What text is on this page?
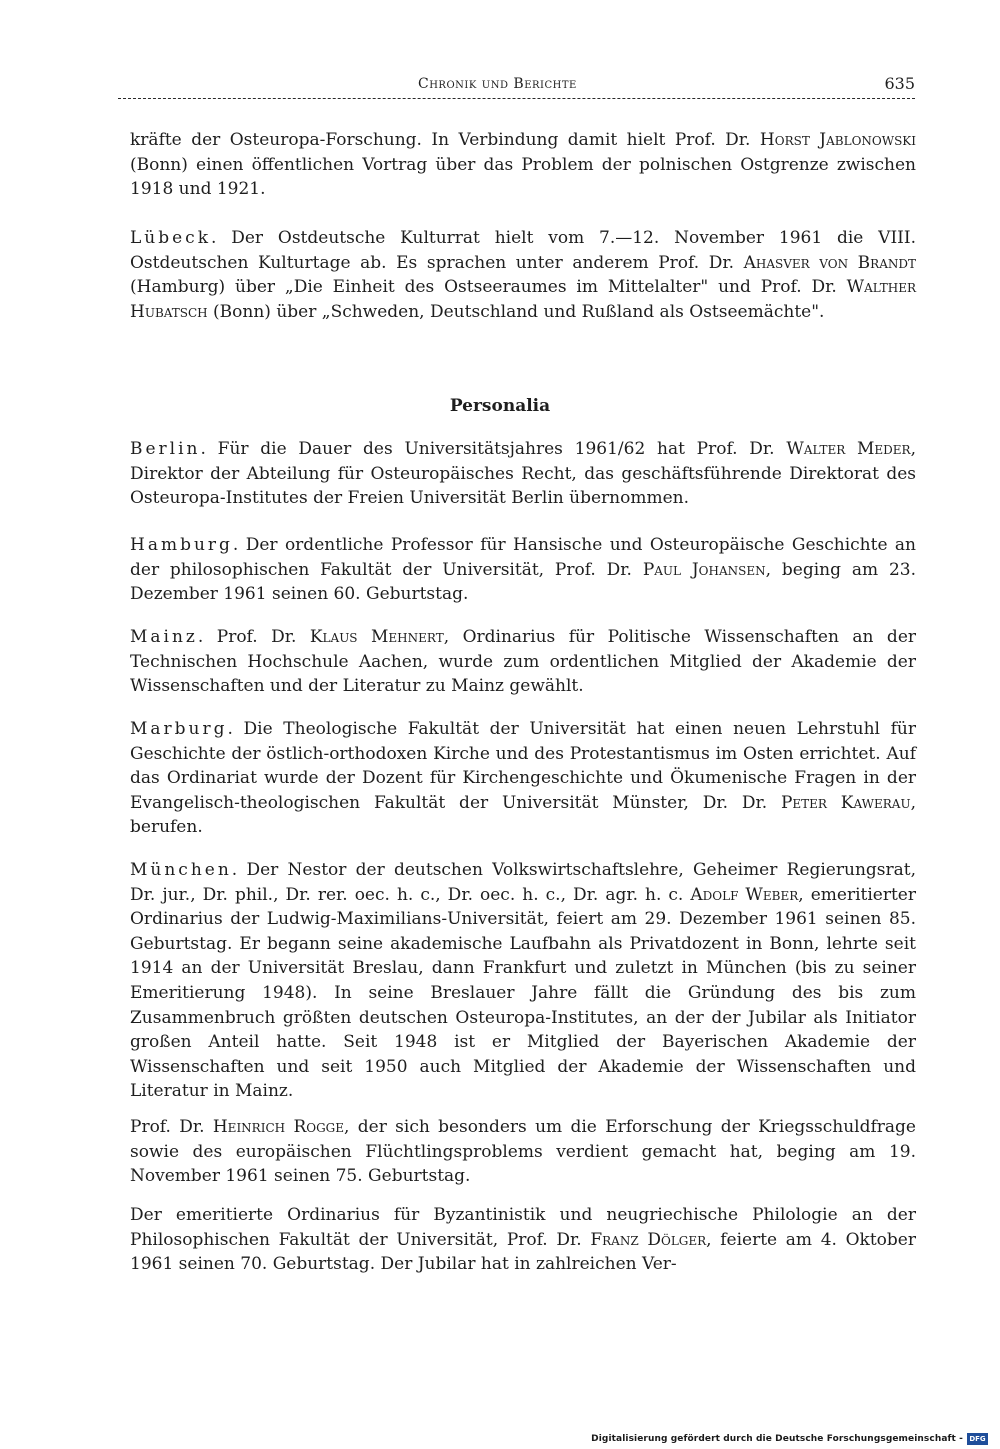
Chronik und Berichte	635

kräfte der Osteuropa-Forschung. In Verbindung damit hielt Prof. Dr. Horst Jablonowski (Bonn) einen öffentlichen Vortrag über das Problem der polnischen Ostgrenze zwischen 1918 und 1921.

Lübeck. Der Ostdeutsche Kulturrat hielt vom 7.—12. November 1961 die VIII. Ostdeutschen Kulturtage ab. Es sprachen unter anderem Prof. Dr. Ahasver von Brandt (Hamburg) über „Die Einheit des Ostseeraumes im Mittelalter" und Prof. Dr. Walther Hubatsch (Bonn) über „Schweden, Deutschland und Rußland als Ostseemächte".

Personalia

Berlin. Für die Dauer des Universitätsjahres 1961/62 hat Prof. Dr. Walter Meder, Direktor der Abteilung für Osteuropäisches Recht, das geschäftsführende Direktorat des Osteuropa-Institutes der Freien Universität Berlin übernommen.

Hamburg. Der ordentliche Professor für Hansische und Osteuropäische Geschichte an der philosophischen Fakultät der Universität, Prof. Dr. Paul Johansen, beging am 23. Dezember 1961 seinen 60. Geburtstag.

Mainz. Prof. Dr. Klaus Mehnert, Ordinarius für Politische Wissenschaften an der Technischen Hochschule Aachen, wurde zum ordentlichen Mitglied der Akademie der Wissenschaften und der Literatur zu Mainz gewählt.

Marburg. Die Theologische Fakultät der Universität hat einen neuen Lehrstuhl für Geschichte der östlich-orthodoxen Kirche und des Protestantismus im Osten errichtet. Auf das Ordinariat wurde der Dozent für Kirchengeschichte und Ökumenische Fragen in der Evangelisch-theologischen Fakultät der Universität Münster, Dr. Dr. Peter Kawerau, berufen.

München. Der Nestor der deutschen Volkswirtschaftslehre, Geheimer Regierungsrat, Dr. jur., Dr. phil., Dr. rer. oec. h. c., Dr. oec. h. c., Dr. agr. h. c. Adolf Weber, emeritierter Ordinarius der Ludwig-Maximilians-Universität, feiert am 29. Dezember 1961 seinen 85. Geburtstag. Er begann seine akademische Laufbahn als Privatdozent in Bonn, lehrte seit 1914 an der Universität Breslau, dann Frankfurt und zuletzt in München (bis zu seiner Emeritierung 1948). In seine Breslauer Jahre fällt die Gründung des bis zum Zusammenbruch größten deutschen Osteuropa-Institutes, an der der Jubilar als Initiator großen Anteil hatte. Seit 1948 ist er Mitglied der Bayerischen Akademie der Wissenschaften und seit 1950 auch Mitglied der Akademie der Wissenschaften und Literatur in Mainz.

Prof. Dr. Heinrich Rogge, der sich besonders um die Erforschung der Kriegsschuldfrage sowie des europäischen Flüchtlingsproblems verdient gemacht hat, beging am 19. November 1961 seinen 75. Geburtstag.

Der emeritierte Ordinarius für Byzantinistik und neugriechische Philologie an der Philosophischen Fakultät der Universität, Prof. Dr. Franz Dölger, feierte am 4. Oktober 1961 seinen 70. Geburtstag. Der Jubilar hat in zahlreichen Ver-

Digitalisierung gefördert durch die Deutsche Forschungsgemeinschaft - DFG
